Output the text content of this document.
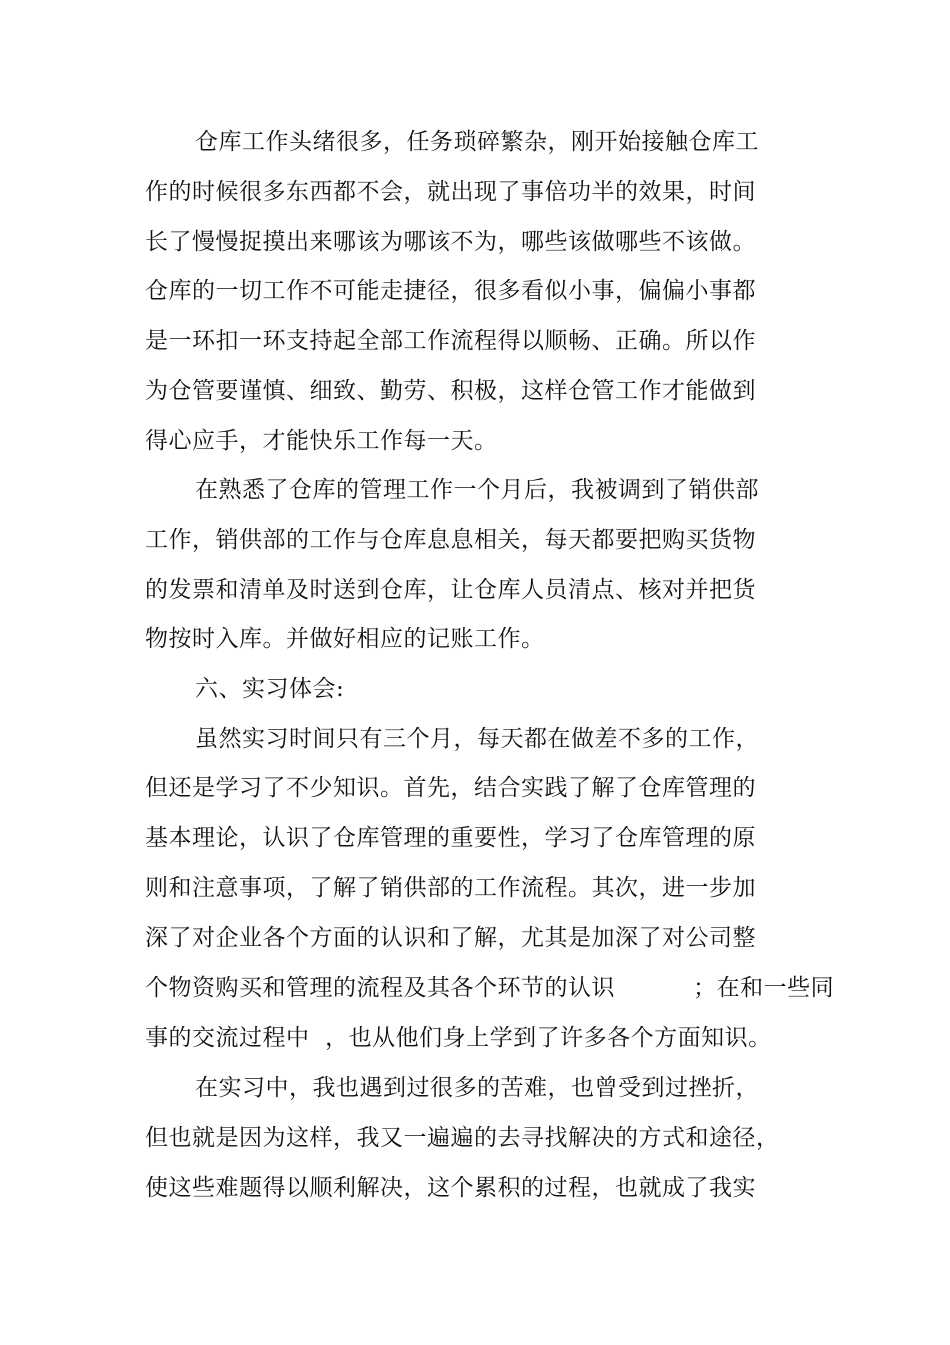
仓库工作头绪很多，任务琐碎繁杂，刚开始接触仓库工
作的时候很多东西都不会，就出现了事倍功半的效果，时间
长了慢慢捉摸出来哪该为哪该不为，哪些该做哪些不该做。
仓库的一切工作不可能走捷径，很多看似小事，偏偏小事都
是一环扣一环支持起全部工作流程得以顺畅、正确。所以作
为仓管要谨慎、细致、勤劳、积极，这样仓管工作才能做到
得心应手，才能快乐工作每一天。
在熟悉了仓库的管理工作一个月后，我被调到了销供部
工作，销供部的工作与仓库息息相关，每天都要把购买货物
的发票和清单及时送到仓库，让仓库人员清点、核对并把货
物按时入库。并做好相应的记账工作。
六、实习体会:
虽然实习时间只有三个月，每天都在做差不多的工作，
但还是学习了不少知识。首先，结合实践了解了仓库管理的
基本理论，认识了仓库管理的重要性，学习了仓库管理的原
则和注意事项，了解了销供部的工作流程。其次，进一步加
深了对企业各个方面的认识和了解，尤其是加深了对公司整
个物资购买和管理的流程及其各个环节的认识          ；在和一些同
事的交流过程中  ，也从他们身上学到了许多各个方面知识。
在实习中，我也遇到过很多的苦难，也曾受到过挫折，
但也就是因为这样，我又一遍遍的去寻找解决的方式和途径，
使这些难题得以顺利解决，这个累积的过程，也就成了我实
